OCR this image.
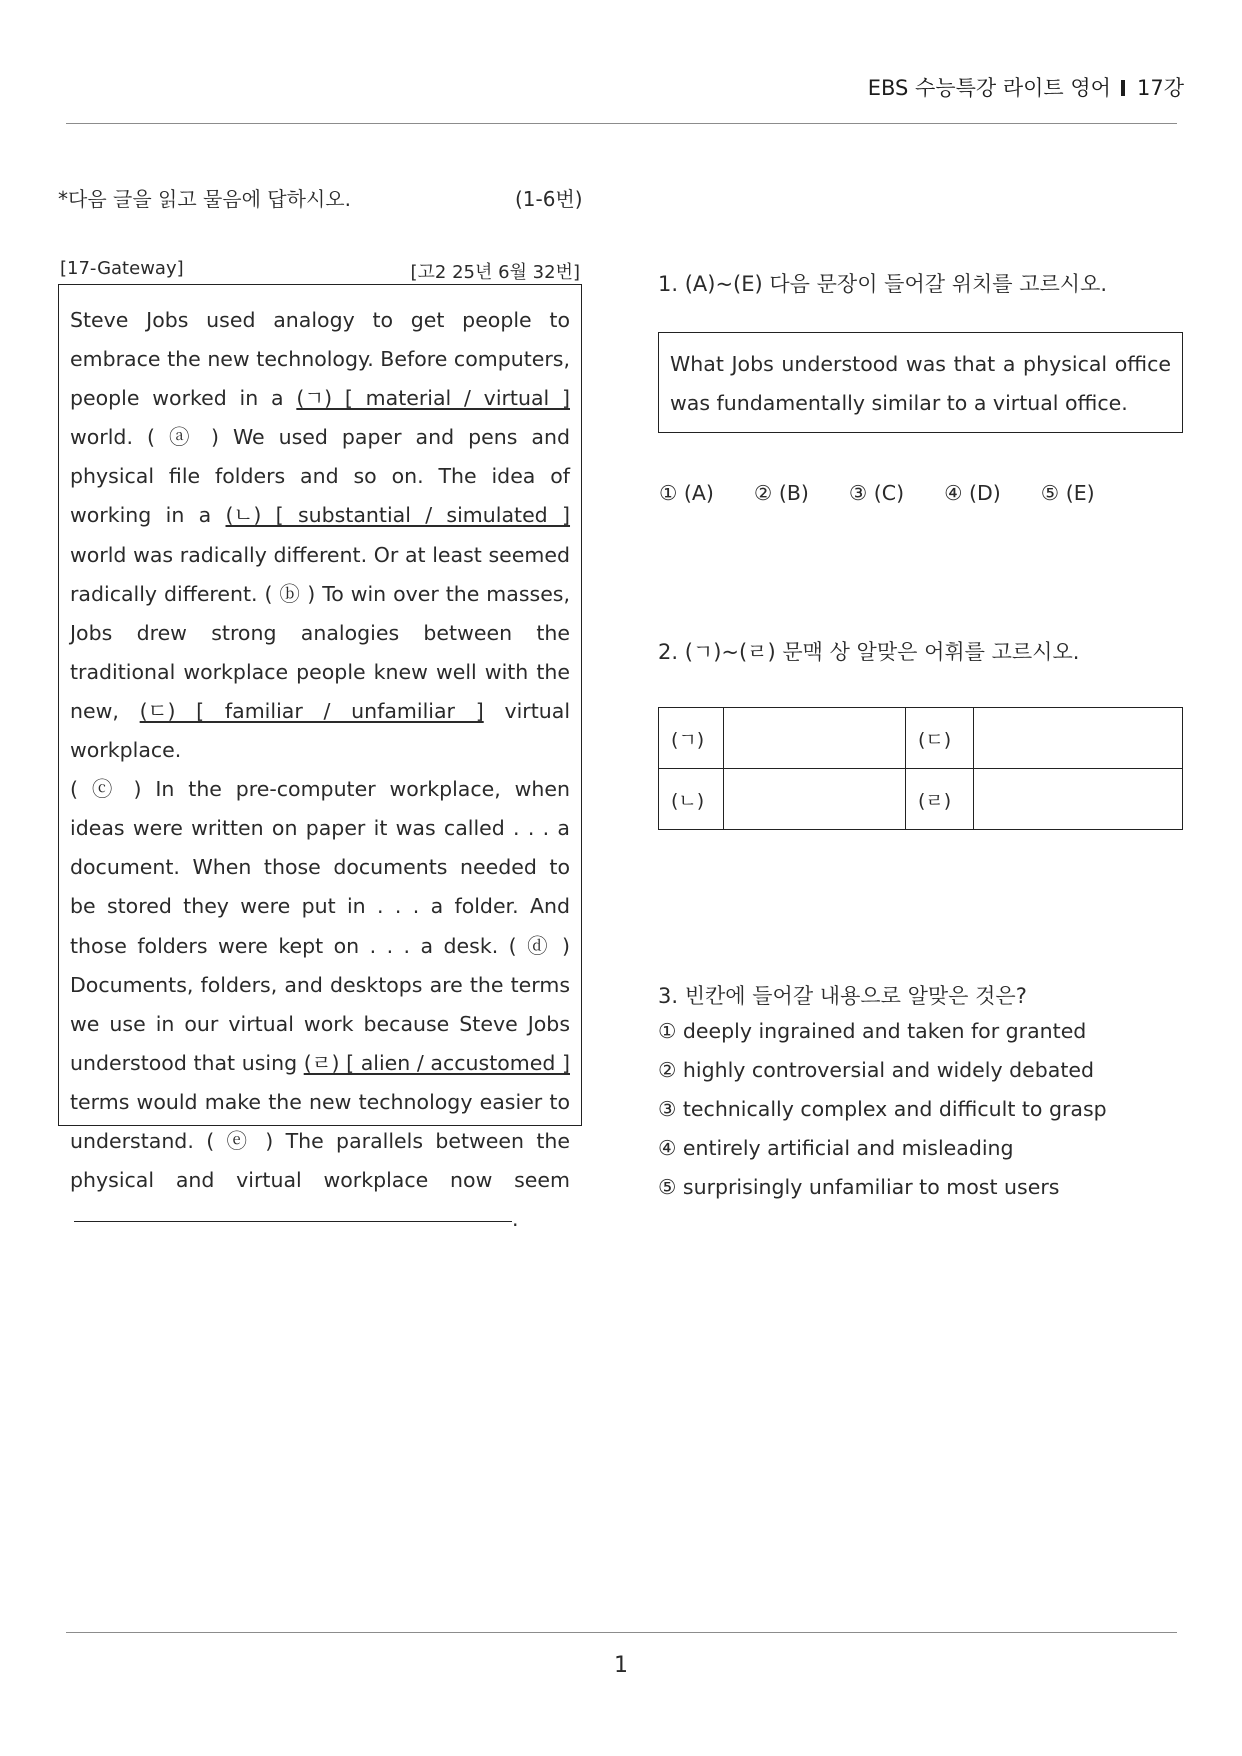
EBS 수능특강 라이트 영어 17강
*다음 글을 읽고 물음에 답하시오.	(1-6번)
[17-Gateway]	[고2 25년 6월 32번]

Steve Jobs used analogy to get people to embrace the new technology. Before computers, people worked in a (ㄱ) [ material / virtual ] world. ( ⓐ ) We used paper and pens and physical file folders and so on. The idea of working in a (ㄴ) [ substantial / simulated ] world was radically different. Or at least seemed radically different. ( ⓑ ) To win over the masses, Jobs drew strong analogies between the traditional workplace people knew well with the new, (ㄷ) [ familiar / unfamiliar ] virtual workplace.

( ⓒ ) In the pre-computer workplace, when ideas were written on paper it was called . . . a document. When those documents needed to be stored they were put in . . . a folder. And those folders were kept on . . . a desk. ( ⓓ ) Documents, folders, and desktops are the terms we use in our virtual work because Steve Jobs understood that using (ㄹ) [ alien / accustomed ] terms would make the new technology easier to understand. ( ⓔ ) The parallels between the physical and virtual workplace now seem .

1. (A)~(E) 다음 문장이 들어갈 위치를 고르시오.
What Jobs understood was that a physical office was fundamentally similar to a virtual office.
① (A) ② (B) ③ (C) ④ (D) ⑤ (E)
2. (ㄱ)~(ㄹ) 문맥 상 알맞은 어휘를 고르시오.
(ㄱ)		(ㄷ)	
(ㄴ)		(ㄹ)	
3. 빈칸에 들어갈 내용으로 알맞은 것은?
① deeply ingrained and taken for granted
② highly controversial and widely debated
③ technically complex and difficult to grasp
④ entirely artificial and misleading
⑤ surprisingly unfamiliar to most users
1
